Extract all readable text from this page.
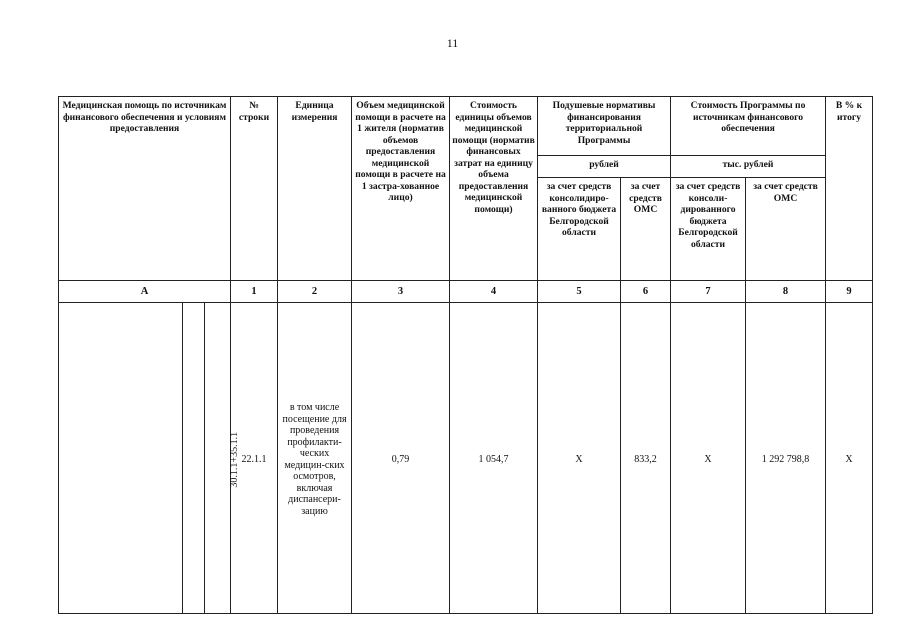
11
Медицинская помощь по источникам финансового обеспечения и условиям предоставления			№ строки	Единица измерения	Объем медицинской помощи в расчете на 1 жителя (норматив объемов предоставления медицинской помощи в расчете на 1 застра-хованное лицо)	Стоимость единицы объемов медицинской помощи (норматив финансовых затрат на единицу объема предоставления медицинской помощи)	Подушевые нормативы финансирования территориальной Программы		Стоимость Программы по источникам финансового обеспечения		В % к итогу
							рублей		тыс. рублей		
							за счет средств консолидиро-ванного бюджета Белгородской области	за счет средств ОМС	за счет средств консоли-дированного бюджета Белгородской области	за счет средств ОМС	
А			1	2	3	4	5	6	7	8	9
		30.1.1+35.1.1	22.1.1	в том числе посещение для проведения профилакти-ческих медицин-ских осмотров, включая диспансери-зацию	0,79	1 054,7	Х	833,2	Х	1 292 798,8	Х
